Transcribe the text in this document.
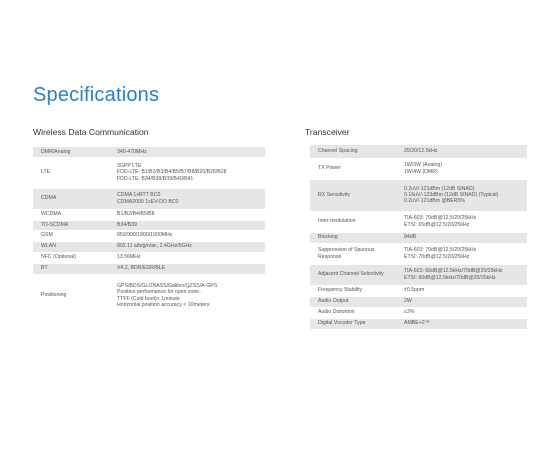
Specifications
Wireless Data Communication	Transceiver
DMR/Analog	340-470MHz

LTE	3GPP LTE
FDD-LTE: B1/B2/B3/B4/B5/B7/B8/B20/B26/B28
FDD-LTE: B34/B38/B39/B40/B41

CDMA	CDMA 1xRTT BC0
CDMA2000 1xEV-DO BC0

WCDMA	B1/B2/B4/B5/B8

TD-SCDMA	B34/B39

GSM	850/900/1800/1900MHz

WLAN	802.11 a/b/g/n/ac, 2.4GHz/5GHz

NFC (Optional)	13.56MHz

BT	V4.2, BDR/EDR/BLE

Positioning	GPS/BDS/GLONASS/Galileo/QZSS/A-GPS
Position performance for open zone :
TTFF (Cold boot)< 1minute
Horizontal position accuracy < 10meters
Channel Spacing	25/20/12.5kHz

TX Power	1W/3W (Analog)
1W/4W (DMR)

RX Sensitivity	0.2uV/-121dBm (12dB SINAD)
0.16uV/-123dBm (12dB SINAD) (Typical)
0.2uV/-121dBm @BER5%

Inter-modulation	TIA-603: 70dB@12.5/20/25kHz
ETSI: 65dB@12.5/20/25kHz

Blocking	84dB

Suppression of Spurious Response	TIA-603: 70dB@12.5/20/25kHz
ETSI: 70dB@12.5/20/25kHz

Adjacent Channel Selectivity	TIA-603: 60dB@12.5kHz/70dB@20/25kHz
ETSI: 60dB@12.5kHz/70dB@20/25kHz

Frequency Stability	±0.5ppm

Audio Output	2W

Audio Distortion	≤3%

Digital Vocoder Type	AMBE+2™
